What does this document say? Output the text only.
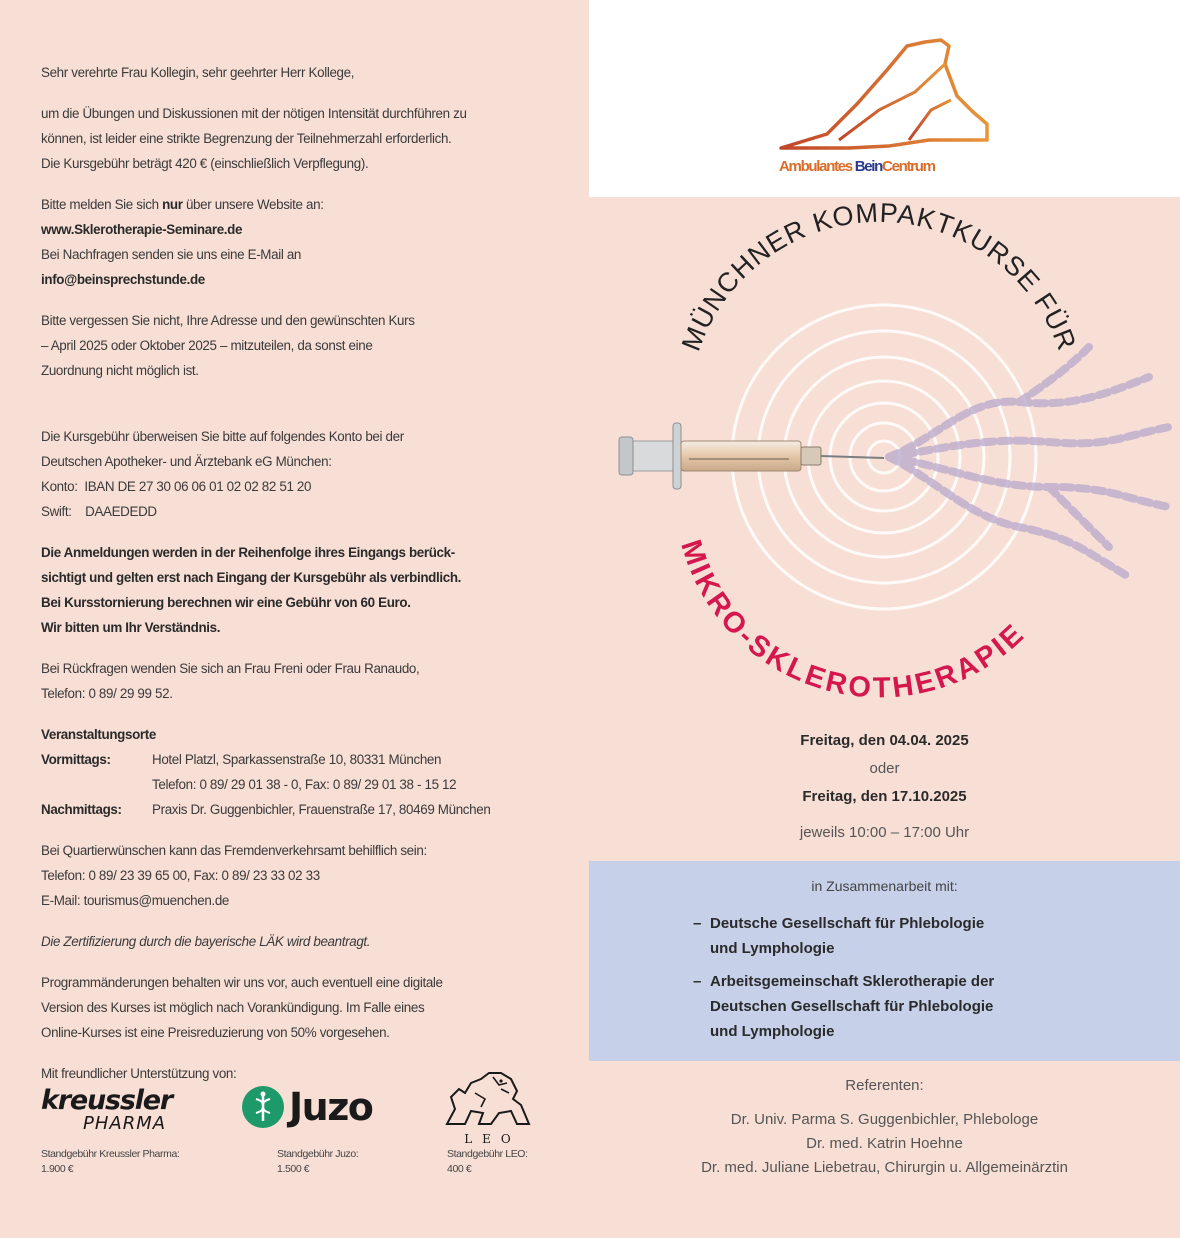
Sehr verehrte Frau Kollegin, sehr geehrter Herr Kollege,

um die Übungen und Diskussionen mit der nötigen Intensität durchführen zu
können, ist leider eine strikte Begrenzung der Teilnehmerzahl erforderlich.
Die Kursgebühr beträgt 420 € (einschließlich Verpflegung).

Bitte melden Sie sich nur über unsere Website an:
www.Sklerotherapie-Seminare.de
Bei Nachfragen senden sie uns eine E-Mail an
info@beinsprechstunde.de

Bitte vergessen Sie nicht, Ihre Adresse und den gewünschten Kurs
– April 2025 oder Oktober 2025 – mitzuteilen, da sonst eine
Zuordnung nicht möglich ist.

Die Kursgebühr überweisen Sie bitte auf folgendes Konto bei der
Deutschen Apotheker- und Ärztebank eG München:
Konto:  IBAN DE 27 30 06 06 01 02 02 82 51 20
Swift:    DAAEDEDD

Die Anmeldungen werden in der Reihenfolge ihres Eingangs berück-
sichtigt und gelten erst nach Eingang der Kursgebühr als verbindlich.
Bei Kursstornierung berechnen wir eine Gebühr von 60 Euro.
Wir bitten um Ihr Verständnis.

Bei Rückfragen wenden Sie sich an Frau Freni oder Frau Ranaudo,
Telefon: 0 89/ 29 99 52.

Veranstaltungsorte
Vormittags:	Hotel Platzl, Sparkassenstraße 10, 80331 München
Telefon: 0 89/ 29 01 38 - 0, Fax: 0 89/ 29 01 38 - 15 12
Nachmittags:	Praxis Dr. Guggenbichler, Frauenstraße 17, 80469 München

Bei Quartierwünschen kann das Fremdenverkehrsamt behilflich sein:
Telefon: 0 89/ 23 39 65 00, Fax: 0 89/ 23 33 02 33
E-Mail: tourismus@muenchen.de

Die Zertifizierung durch die bayerische LÄK wird beantragt.

Programmänderungen behalten wir uns vor, auch eventuell eine digitale
Version des Kurses ist möglich nach Vorankündigung. Im Falle eines
Online-Kurses ist eine Preisreduzierung von 50% vorgesehen.

Mit freundlicher Unterstützung von:

kreussler
PHARMA
Standgebühr Kreussler Pharma:
1.900 €
Juzo
Standgebühr Juzo:
1.500 €
LEO
Standgebühr LEO:
400 €
Ambulantes BeinCentrum
MÜNCHNER KOMPAKTKURSE FÜR
MIKRO-SKLEROTHERAPIE
Freitag, den 04.04. 2025
oder
Freitag, den 17.10.2025
jeweils 10:00 – 17:00 Uhr
in Zusammenarbeit mit:
– Deutsche Gesellschaft für Phlebologie
und Lymphologie
– Arbeitsgemeinschaft Sklerotherapie der
Deutschen Gesellschaft für Phlebologie
und Lymphologie
Referenten:
Dr. Univ. Parma S. Guggenbichler, Phlebologe
Dr. med. Katrin Hoehne
Dr. med. Juliane Liebetrau, Chirurgin u. Allgemeinärztin
